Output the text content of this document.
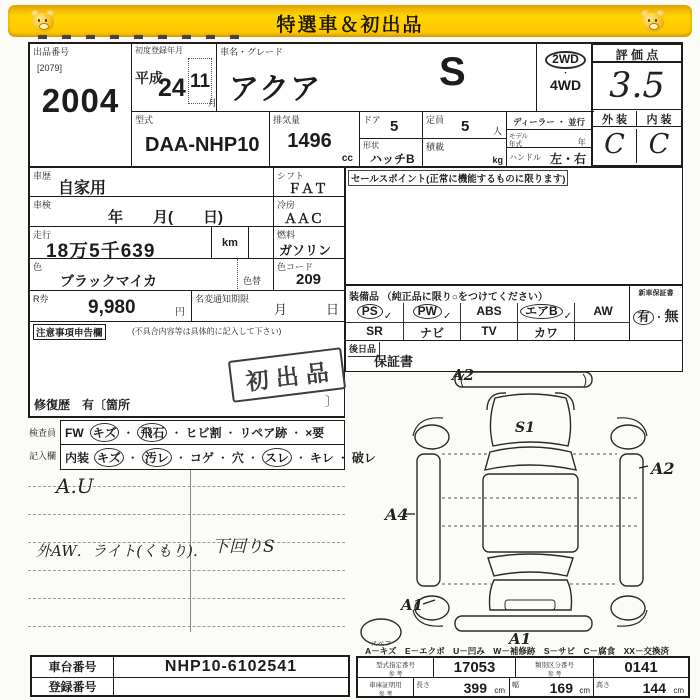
特選車＆初出品
出品番号
[2079]
2004
初度登録年月
平成
24 11
月
車名・グレード
アクア	S	2WD
・
4WD
評 価 点
3.5
外 装	内 装
C C
型式
DAA-NHP10
排気量
1496
cc
ドア 5	定員 5	人
形状
ハッチB
積載
kg
ディーラー ・ 並行
モデル
年式	年
ハンドル 左・右
車歴
自家用
シフト
ＦＡＴ
車検
年　　月(　　日)
冷房
ＡＡＣ
走行
18万5千639	km
燃料
ガソリン
色
ブラックマイカ	色替
色コード
209
R券 9,980	円
名変通知期限
月　　　日
注意事項申告欄	(不具合内容等は具体的に記入して下さい)
初出品
修復歴　有〔箇所	〕
検査員
記入欄
FW キズ ・ 飛石 ・ ヒビ割 ・ リペア跡 ・ ×要
内装 キズ ・ 汚レ ・ コゲ ・ 穴 ・ スレ ・ キレ ・ 破レ
A.U
外AW．ライト(くもり)． 下回りS
セールスポイント(正常に機能するものに限ります)
装備品 （純正品に限り○をつけてください）
PS $_✓$	PW $_✓$	ABS	エアB $_✓$	AW
SR	ナビ	TV	カワ
新車保証書
有 ・無
後日品
保証書
A2
S1
A4
A2
A1
A1
スペア
A－キズ　E－エクボ　U－凹み　W－補修跡　S－サビ　C－腐食　XX－交換済
車台番号	NHP10-6102541
登録番号
型式指定番号
参 考	17053	類別区分番号
参 考	0141
車庫証明用
参 考
長さ 399 cm
幅 169 cm
高さ 144 cm
